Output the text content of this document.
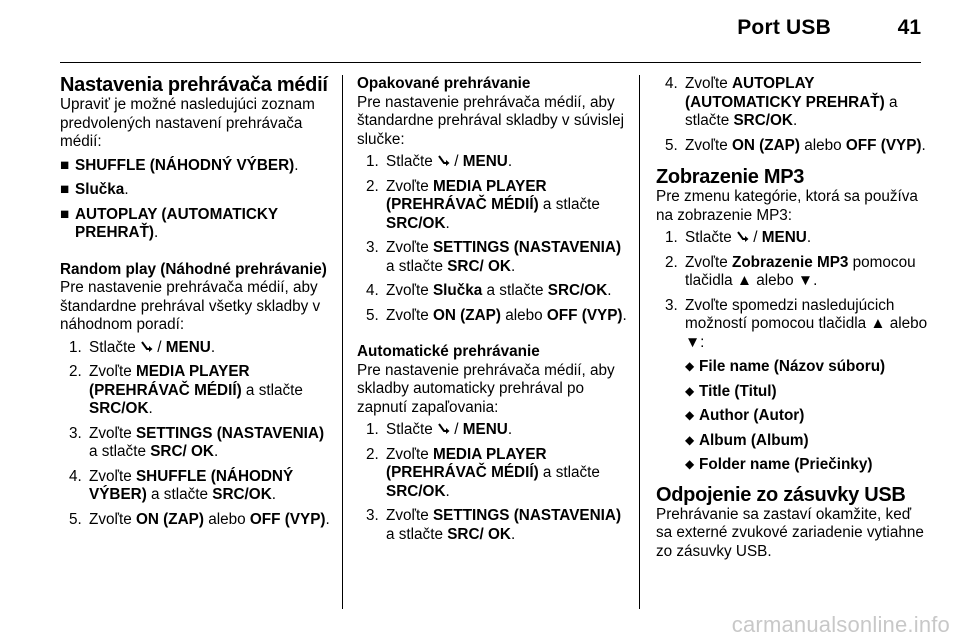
Port USB	41
Nastavenia prehrávača médií

Upraviť je možné nasledujúci zoznam predvolených nastavení prehrávača médií:

■ SHUFFLE (NÁHODNÝ VÝBER).
■ Slučka.
■ AUTOPLAY (AUTOMATICKY PREHRAŤ).
Random play (Náhodné prehrávanie)

Pre nastavenie prehrávača médií, aby štandardne prehrával všetky skladby v náhodnom poradí:

1. Stlačte  / MENU.
2. Zvoľte MEDIA PLAYER (PREHRÁVAČ MÉDIÍ) a stlačte SRC/OK.
3. Zvoľte SETTINGS (NASTAVENIA) a stlačte SRC/ OK.
4. Zvoľte SHUFFLE (NÁHODNÝ VÝBER) a stlačte SRC/OK.
5. Zvoľte ON (ZAP) alebo OFF (VYP).
Opakované prehrávanie

Pre nastavenie prehrávača médií, aby štandardne prehrával skladby v súvislej slučke:

1. Stlačte  / MENU.
2. Zvoľte MEDIA PLAYER (PREHRÁVAČ MÉDIÍ) a stlačte SRC/OK.
3. Zvoľte SETTINGS (NASTAVENIA) a stlačte SRC/ OK.
4. Zvoľte Slučka a stlačte SRC/OK.
5. Zvoľte ON (ZAP) alebo OFF (VYP).
Automatické prehrávanie

Pre nastavenie prehrávača médií, aby skladby automaticky prehrával po zapnutí zapaľovania:

1. Stlačte  / MENU.
2. Zvoľte MEDIA PLAYER (PREHRÁVAČ MÉDIÍ) a stlačte SRC/OK.
3. Zvoľte SETTINGS (NASTAVENIA) a stlačte SRC/ OK.
4. Zvoľte AUTOPLAY (AUTOMATICKY PREHRAŤ) a stlačte SRC/OK.
5. Zvoľte ON (ZAP) alebo OFF (VYP).
Zobrazenie MP3

Pre zmenu kategórie, ktorá sa používa na zobrazenie MP3:

1. Stlačte  / MENU.
2. Zvoľte Zobrazenie MP3 pomocou tlačidla ▲ alebo ▼.
3. Zvoľte spomedzi nasledujúcich možností pomocou tlačidla ▲ alebo ▼:
◆ File name (Názov súboru)
◆ Title (Titul)
◆ Author (Autor)
◆ Album (Album)
◆ Folder name (Priečinky)
Odpojenie zo zásuvky USB

Prehrávanie sa zastaví okamžite, keď sa externé zvukové zariadenie vytiahne zo zásuvky USB.

carmanualsonline.info
